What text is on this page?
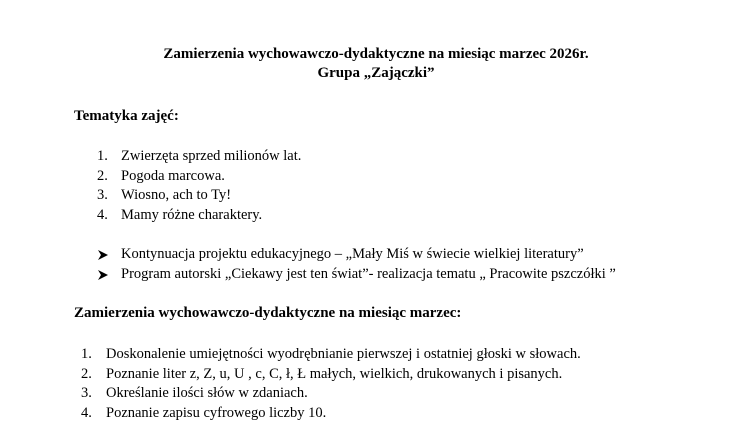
Zamierzenia wychowawczo-dydaktyczne na miesiąc marzec 2026r.
Grupa „Zajączki”
Tematyka zajęć:
1. Zwierzęta sprzed milionów lat.
2. Pogoda marcowa.
3. Wiosno, ach to Ty!
4. Mamy różne charaktery.
Kontynuacja projektu edukacyjnego – „Mały Miś w świecie wielkiej literatury”
Program autorski „Ciekawy jest ten świat”- realizacja tematu „ Pracowite pszczółki ”
Zamierzenia wychowawczo-dydaktyczne na miesiąc marzec:
1. Doskonalenie umiejętności wyodrębnianie pierwszej i ostatniej głoski w słowach.
2. Poznanie liter z, Z, u, U , c, C, ł, Ł małych, wielkich, drukowanych i pisanych.
3. Określanie ilości słów w zdaniach.
4. Poznanie zapisu cyfrowego liczby 10.
